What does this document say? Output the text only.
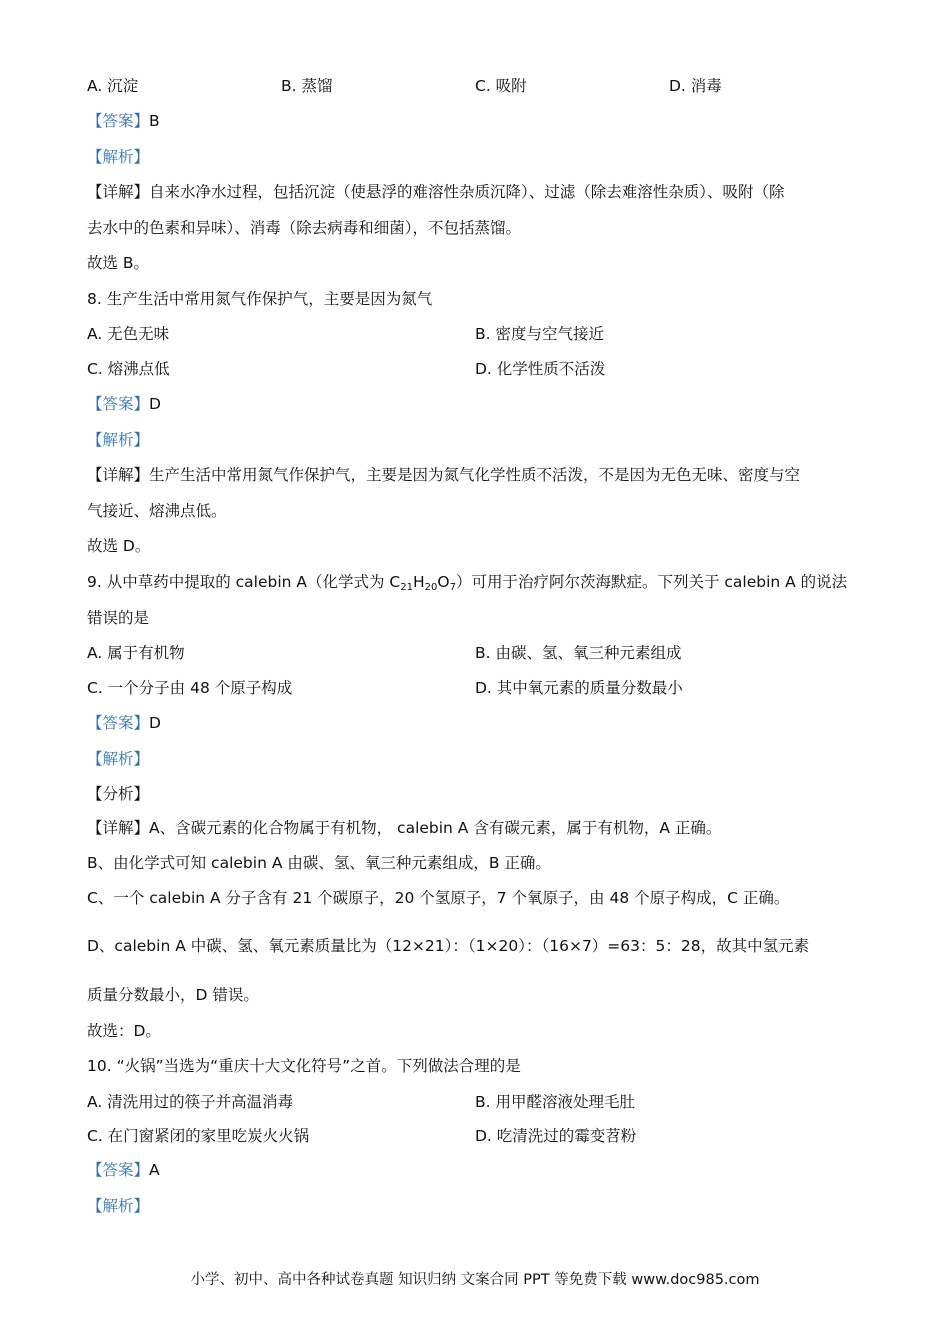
A. 沉淀	B. 蒸馏	C. 吸附	D. 消毒
【答案】B
【解析】
【详解】自来水净水过程，包括沉淀（使悬浮的难溶性杂质沉降）、过滤（除去难溶性杂质）、吸附（除
去水中的色素和异味）、消毒（除去病毒和细菌），不包括蒸馏。
故选 B。
8. 生产生活中常用氮气作保护气，主要是因为氮气
A. 无色无味	B. 密度与空气接近
C. 熔沸点低	D. 化学性质不活泼
【答案】D
【解析】
【详解】生产生活中常用氮气作保护气，主要是因为氮气化学性质不活泼，不是因为无色无味、密度与空
气接近、熔沸点低。
故选 D。
9. 从中草药中提取的 calebin A（化学式为 $C_{21}H_{20}O_7$）可用于治疗阿尔茨海默症。下列关于 calebin A 的说法
错误的是
A. 属于有机物	B. 由碳、氢、氧三种元素组成
C. 一个分子由 48 个原子构成	D. 其中氧元素的质量分数最小
【答案】D
【解析】
【分析】
【详解】A、含碳元素的化合物属于有机物， calebin A 含有碳元素，属于有机物，A 正确。
B、由化学式可知 calebin A 由碳、氢、氧三种元素组成，B 正确。
C、一个 calebin A 分子含有 21 个碳原子，20 个氢原子，7 个氧原子，由 48 个原子构成，C 正确。
D、calebin A 中碳、氢、氧元素质量比为（12×21）：（1×20）：（16×7）=63：5：28，故其中氢元素
质量分数最小，D 错误。
故选：D。
10. “火锅”当选为“重庆十大文化符号”之首。下列做法合理的是
A. 清洗用过的筷子并高温消毒	B. 用甲醛溶液处理毛肚
C. 在门窗紧闭的家里吃炭火火锅	D. 吃清洗过的霉变苕粉
【答案】A
【解析】
小学、初中、高中各种试卷真题 知识归纳 文案合同 PPT 等免费下载 www.doc985.com
